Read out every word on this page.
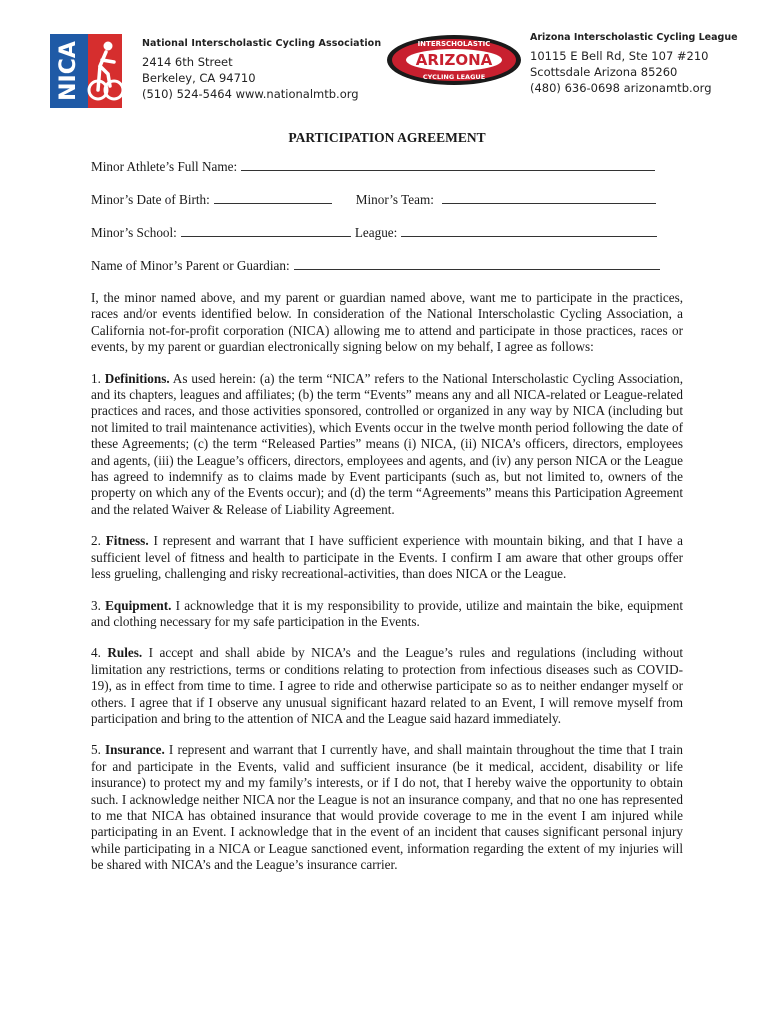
NICA	National Interscholastic Cycling Association
2414 6th Street
Berkeley, CA 94710
(510) 524-5464 www.nationalmtb.org
INTERSCHOLASTIC
ARIZONA
CYCLING LEAGUE
Arizona Interscholastic Cycling League
10115 E Bell Rd, Ste 107 #210
Scottsdale Arizona 85260
(480) 636-0698 arizonamtb.org
PARTICIPATION AGREEMENT
Minor Athlete’s Full Name:
Minor’s Date of Birth:	Minor’s Team:
Minor’s School:	League:
Name of Minor’s Parent or Guardian:

I, the minor named above, and my parent or guardian named above, want me to participate in the practices, races and/or events identified below. In consideration of the National Interscholastic Cycling Association, a California not-for-profit corporation (NICA) allowing me to attend and participate in those practices, races or events, by my parent or guardian electronically signing below on my behalf, I agree as follows:

1. Definitions. As used herein: (a) the term “NICA” refers to the National Interscholastic Cycling Association, and its chapters, leagues and affiliates; (b) the term “Events” means any and all NICA-related or League-related practices and races, and those activities sponsored, controlled or organized in any way by NICA (including but not limited to trail maintenance activities), which Events occur in the twelve month period following the date of these Agreements; (c) the term “Released Parties” means (i) NICA, (ii) NICA’s officers, directors, employees and agents, (iii) the League’s officers, directors, employees and agents, and (iv) any person NICA or the League has agreed to indemnify as to claims made by Event participants (such as, but not limited to, owners of the property on which any of the Events occur); and (d) the term “Agreements” means this Participation Agreement and the related Waiver & Release of Liability Agreement.

2. Fitness. I represent and warrant that I have sufficient experience with mountain biking, and that I have a sufficient level of fitness and health to participate in the Events. I confirm I am aware that other groups offer less grueling, challenging and risky recreational-activities, than does NICA or the League.

3. Equipment. I acknowledge that it is my responsibility to provide, utilize and maintain the bike, equipment and clothing necessary for my safe participation in the Events.

4. Rules. I accept and shall abide by NICA’s and the League’s rules and regulations (including without limitation any restrictions, terms or conditions relating to protection from infectious diseases such as COVID-19), as in effect from time to time. I agree to ride and otherwise participate so as to neither endanger myself or others. I agree that if I observe any unusual significant hazard related to an Event, I will remove myself from participation and bring to the attention of NICA and the League said hazard immediately.

5. Insurance. I represent and warrant that I currently have, and shall maintain throughout the time that I train for and participate in the Events, valid and sufficient insurance (be it medical, accident, disability or life insurance) to protect my and my family’s interests, or if I do not, that I hereby waive the opportunity to obtain such. I acknowledge neither NICA nor the League is not an insurance company, and that no one has represented to me that NICA has obtained insurance that would provide coverage to me in the event I am injured while participating in an Event. I acknowledge that in the event of an incident that causes significant personal injury while participating in a NICA or League sanctioned event, information regarding the extent of my injuries will be shared with NICA’s and the League’s insurance carrier.
